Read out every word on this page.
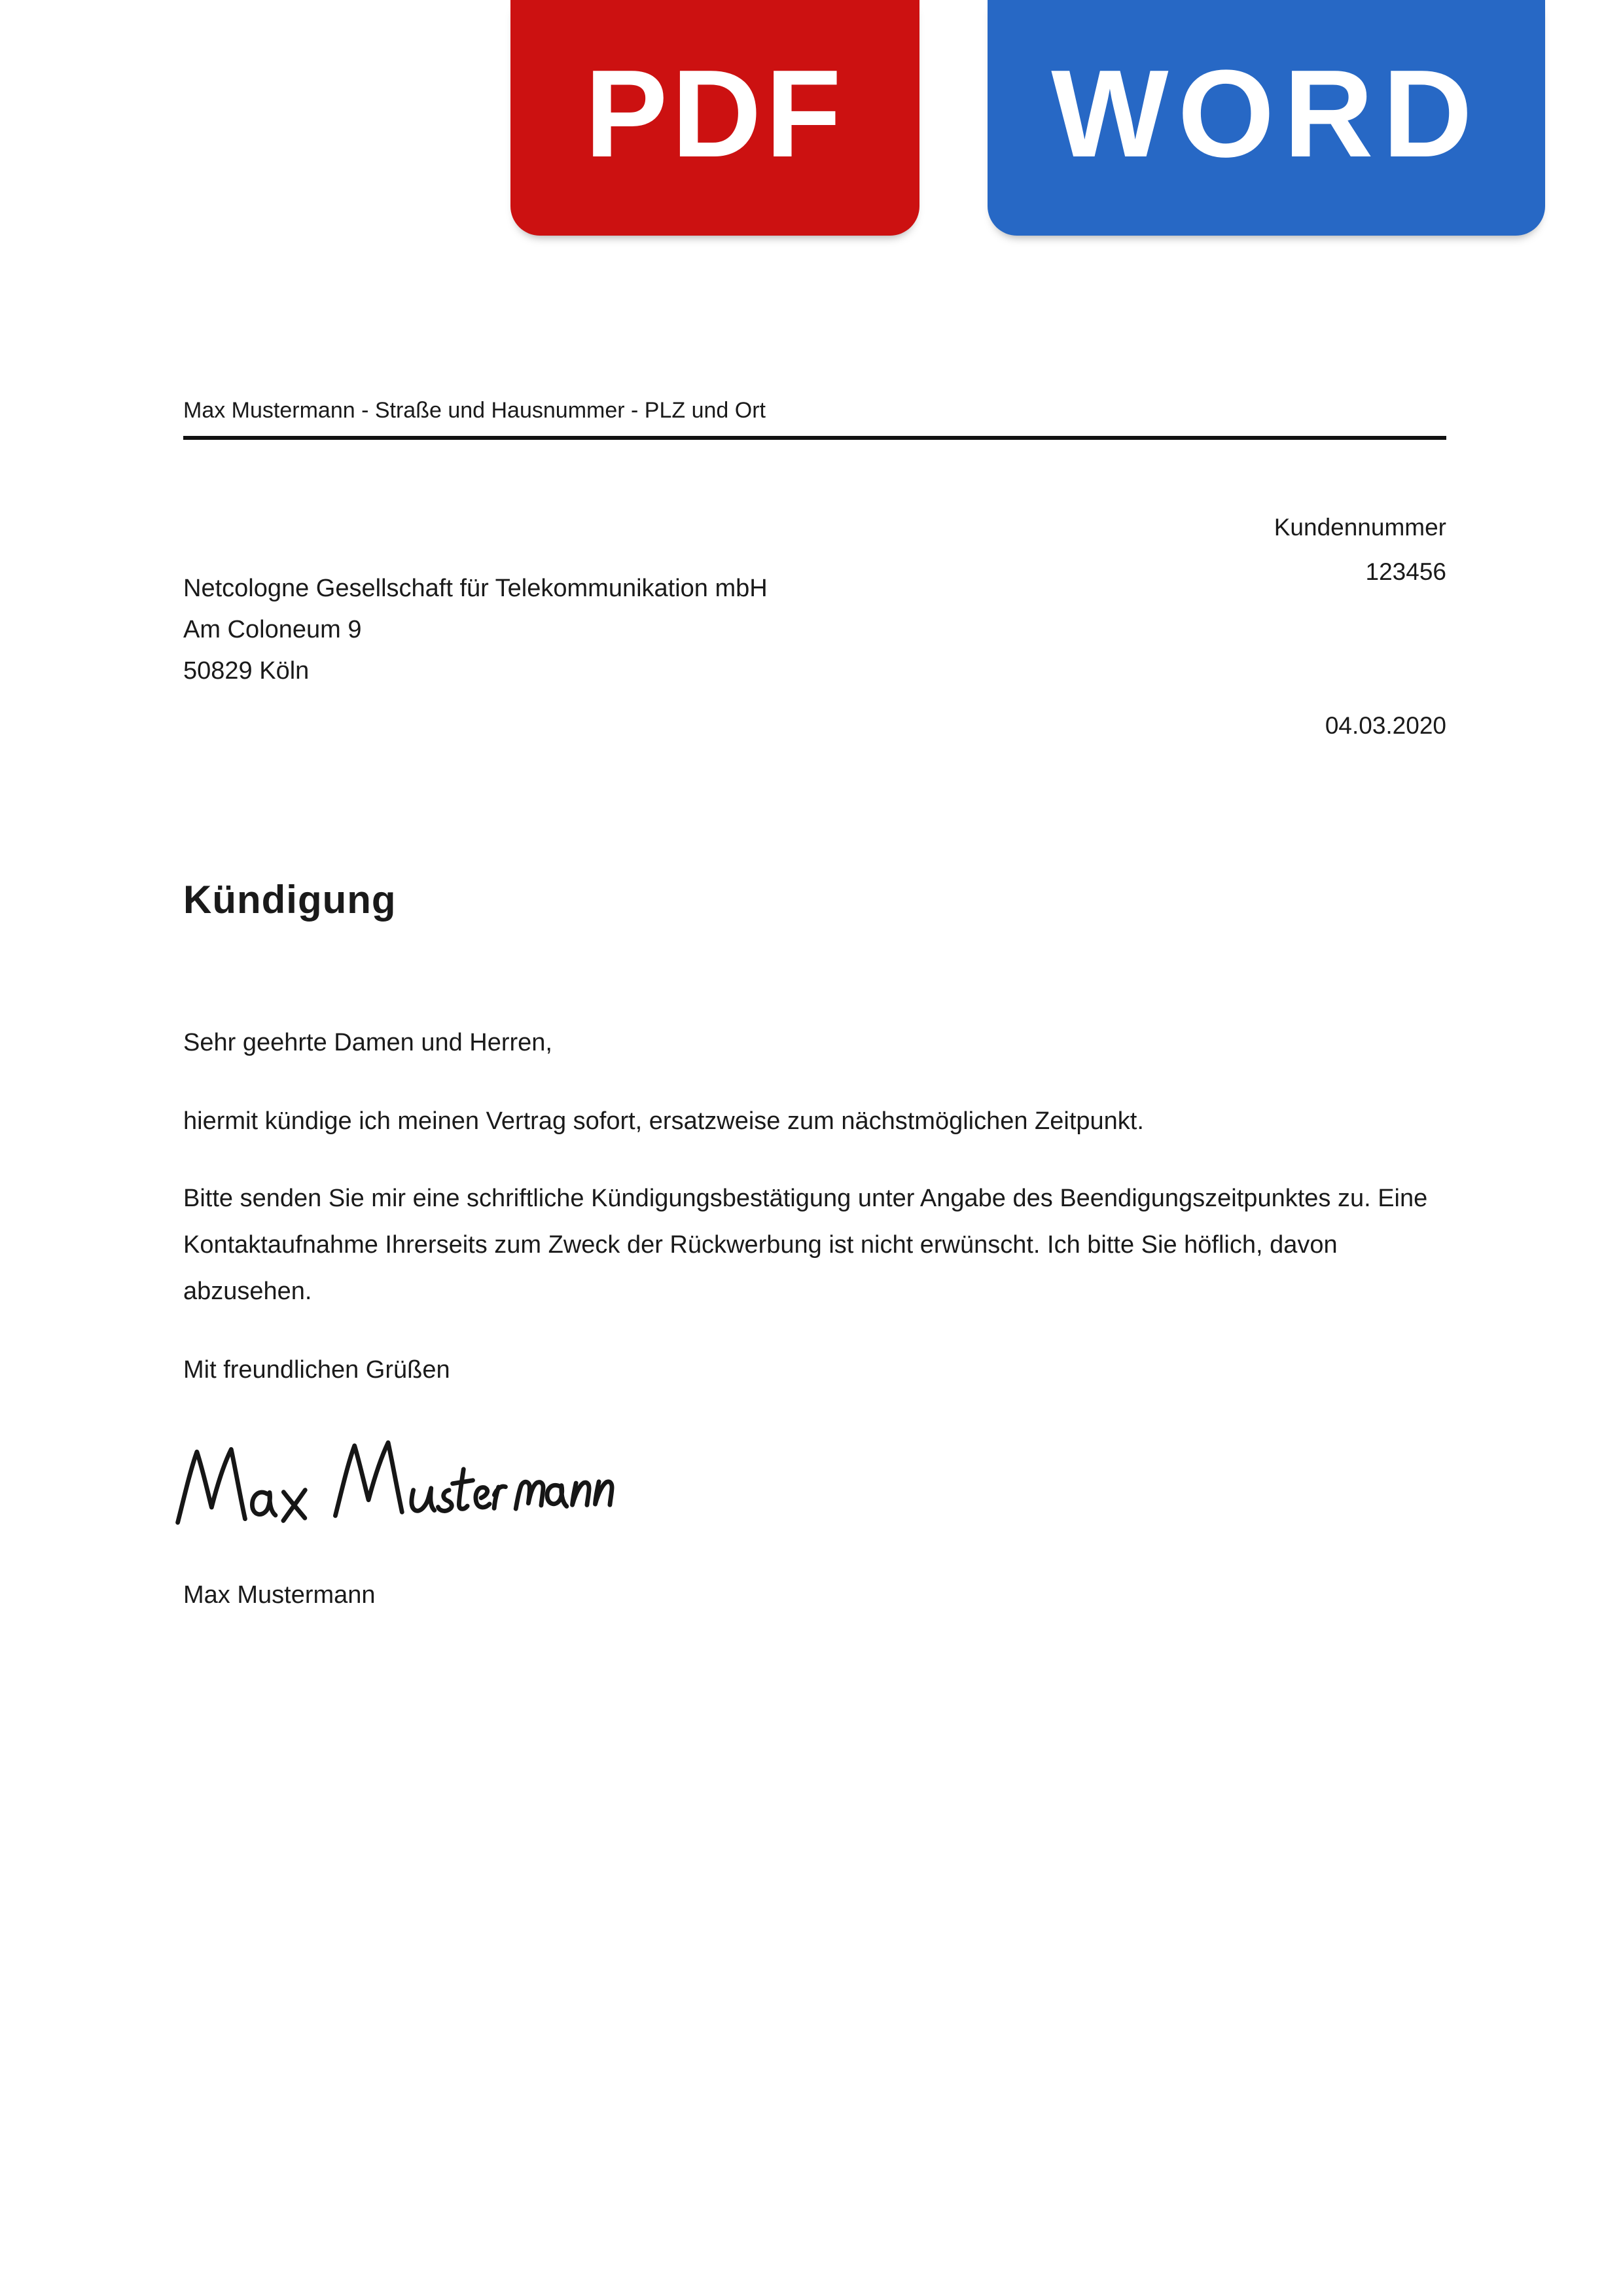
PDF WORD
Max Mustermann - Straße und Hausnummer - PLZ und Ort
Kundennummer
123456
Netcologne Gesellschaft für Telekommunikation mbH
Am Coloneum 9
50829 Köln
04.03.2020
Kündigung
Sehr geehrte Damen und Herren,
hiermit kündige ich meinen Vertrag sofort, ersatzweise zum nächstmöglichen Zeitpunkt.
Bitte senden Sie mir eine schriftliche Kündigungsbestätigung unter Angabe des Beendigungszeitpunktes zu. Eine Kontaktaufnahme Ihrerseits zum Zweck der Rückwerbung ist nicht erwünscht. Ich bitte Sie höflich, davon abzusehen.
Mit freundlichen Grüßen
Max Mustermann
